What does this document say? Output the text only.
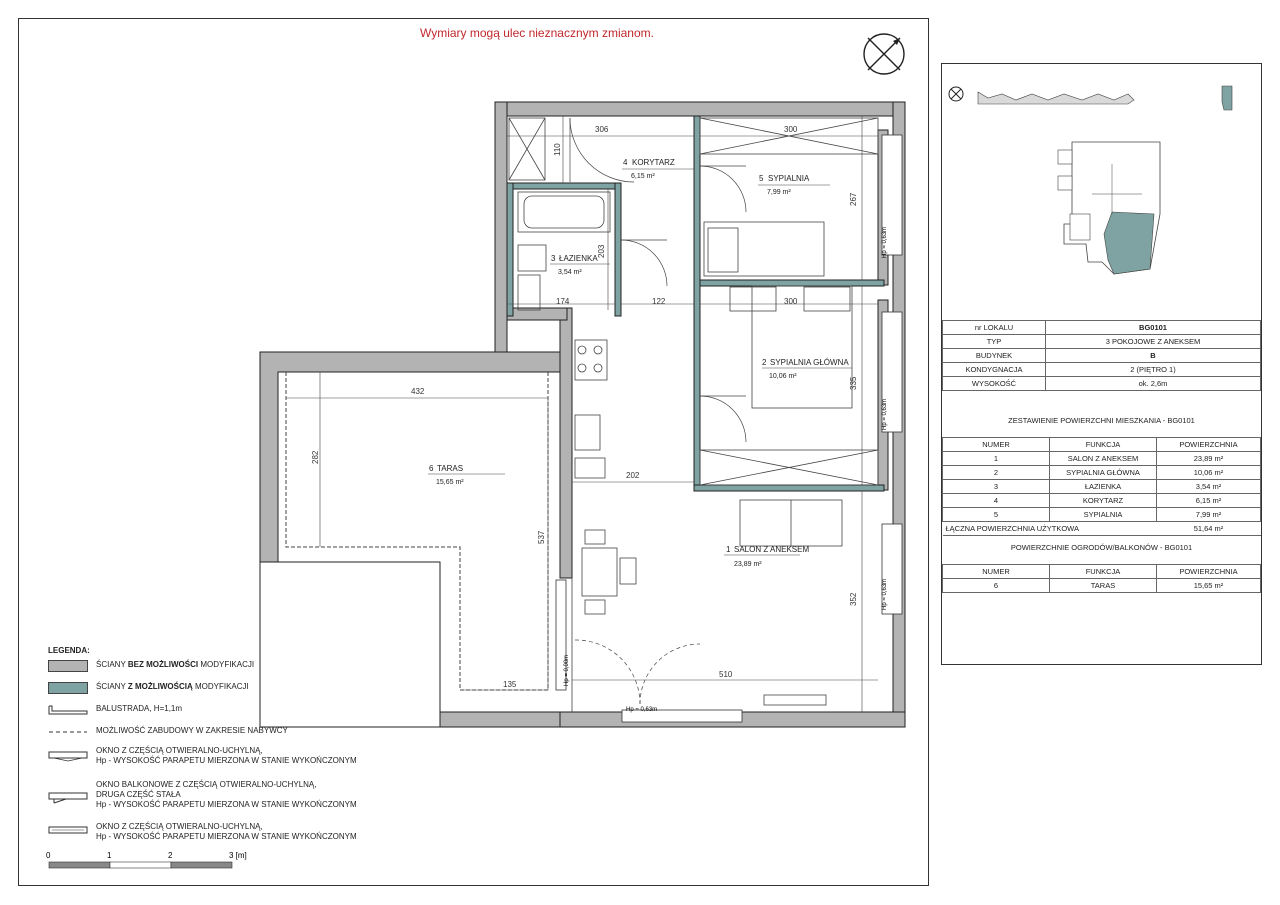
Wymiary mogą ulec nieznacznym zmianom.
Hp = 0,63m
Hp = 0,63m
Hp = 0,63m
Hp = 0,63m
Hp = 0,00m
306	300
110
267
203
174	122	300
335
432
282
202
537
352
510
135
4 KORYTARZ
6,15 m²	5 SYPIALNIA
7,99 m²
3 ŁAZIENKA
3,54 m²
2 SYPIALNIA GŁÓWNA
10,06 m²
6 TARAS
15,65 m²
1 SALON Z ANEKSEM
23,89 m²
LEGENDA:
ŚCIANY BEZ MOŻLIWOŚCI MODYFIKACJI
ŚCIANY Z MOŻLIWOŚCIĄ MODYFIKACJI
BALUSTRADA, H=1,1m
MOŻLIWOŚĆ ZABUDOWY W ZAKRESIE NABYWCY
OKNO Z CZĘŚCIĄ OTWIERALNO-UCHYLNĄ,
Hp - WYSOKOŚĆ PARAPETU MIERZONA W STANIE WYKOŃCZONYM
OKNO BALKONOWE Z CZĘŚCIĄ OTWIERALNO-UCHYLNĄ,
DRUGA CZĘŚĆ STAŁA
Hp - WYSOKOŚĆ PARAPETU MIERZONA W STANIE WYKOŃCZONYM
OKNO Z CZĘŚCIĄ OTWIERALNO-UCHYLNĄ,
Hp - WYSOKOŚĆ PARAPETU MIERZONA W STANIE WYKOŃCZONYM
0	1	2	3 [m]
nr LOKALU	BG0101
TYP	3 POKOJOWE Z ANEKSEM
BUDYNEK	B
KONDYGNACJA	2 (PIĘTRO 1)
WYSOKOŚĆ	ok. 2,6m
ZESTAWIENIE POWIERZCHNI MIESZKANIA - BG0101
NUMER	FUNKCJA	POWIERZCHNIA
1	SALON Z ANEKSEM	23,89 m²
2	SYPIALNIA GŁÓWNA	10,06 m²
3	ŁAZIENKA	3,54 m²
4	KORYTARZ	6,15 m²
5	SYPIALNIA	7,99 m²
ŁĄCZNA POWIERZCHNIA UŻYTKOWA		51,64 m²
POWIERZCHNIE OGRODÓW/BALKONÓW - BG0101
NUMER	FUNKCJA	POWIERZCHNIA
6	TARAS	15,65 m²
